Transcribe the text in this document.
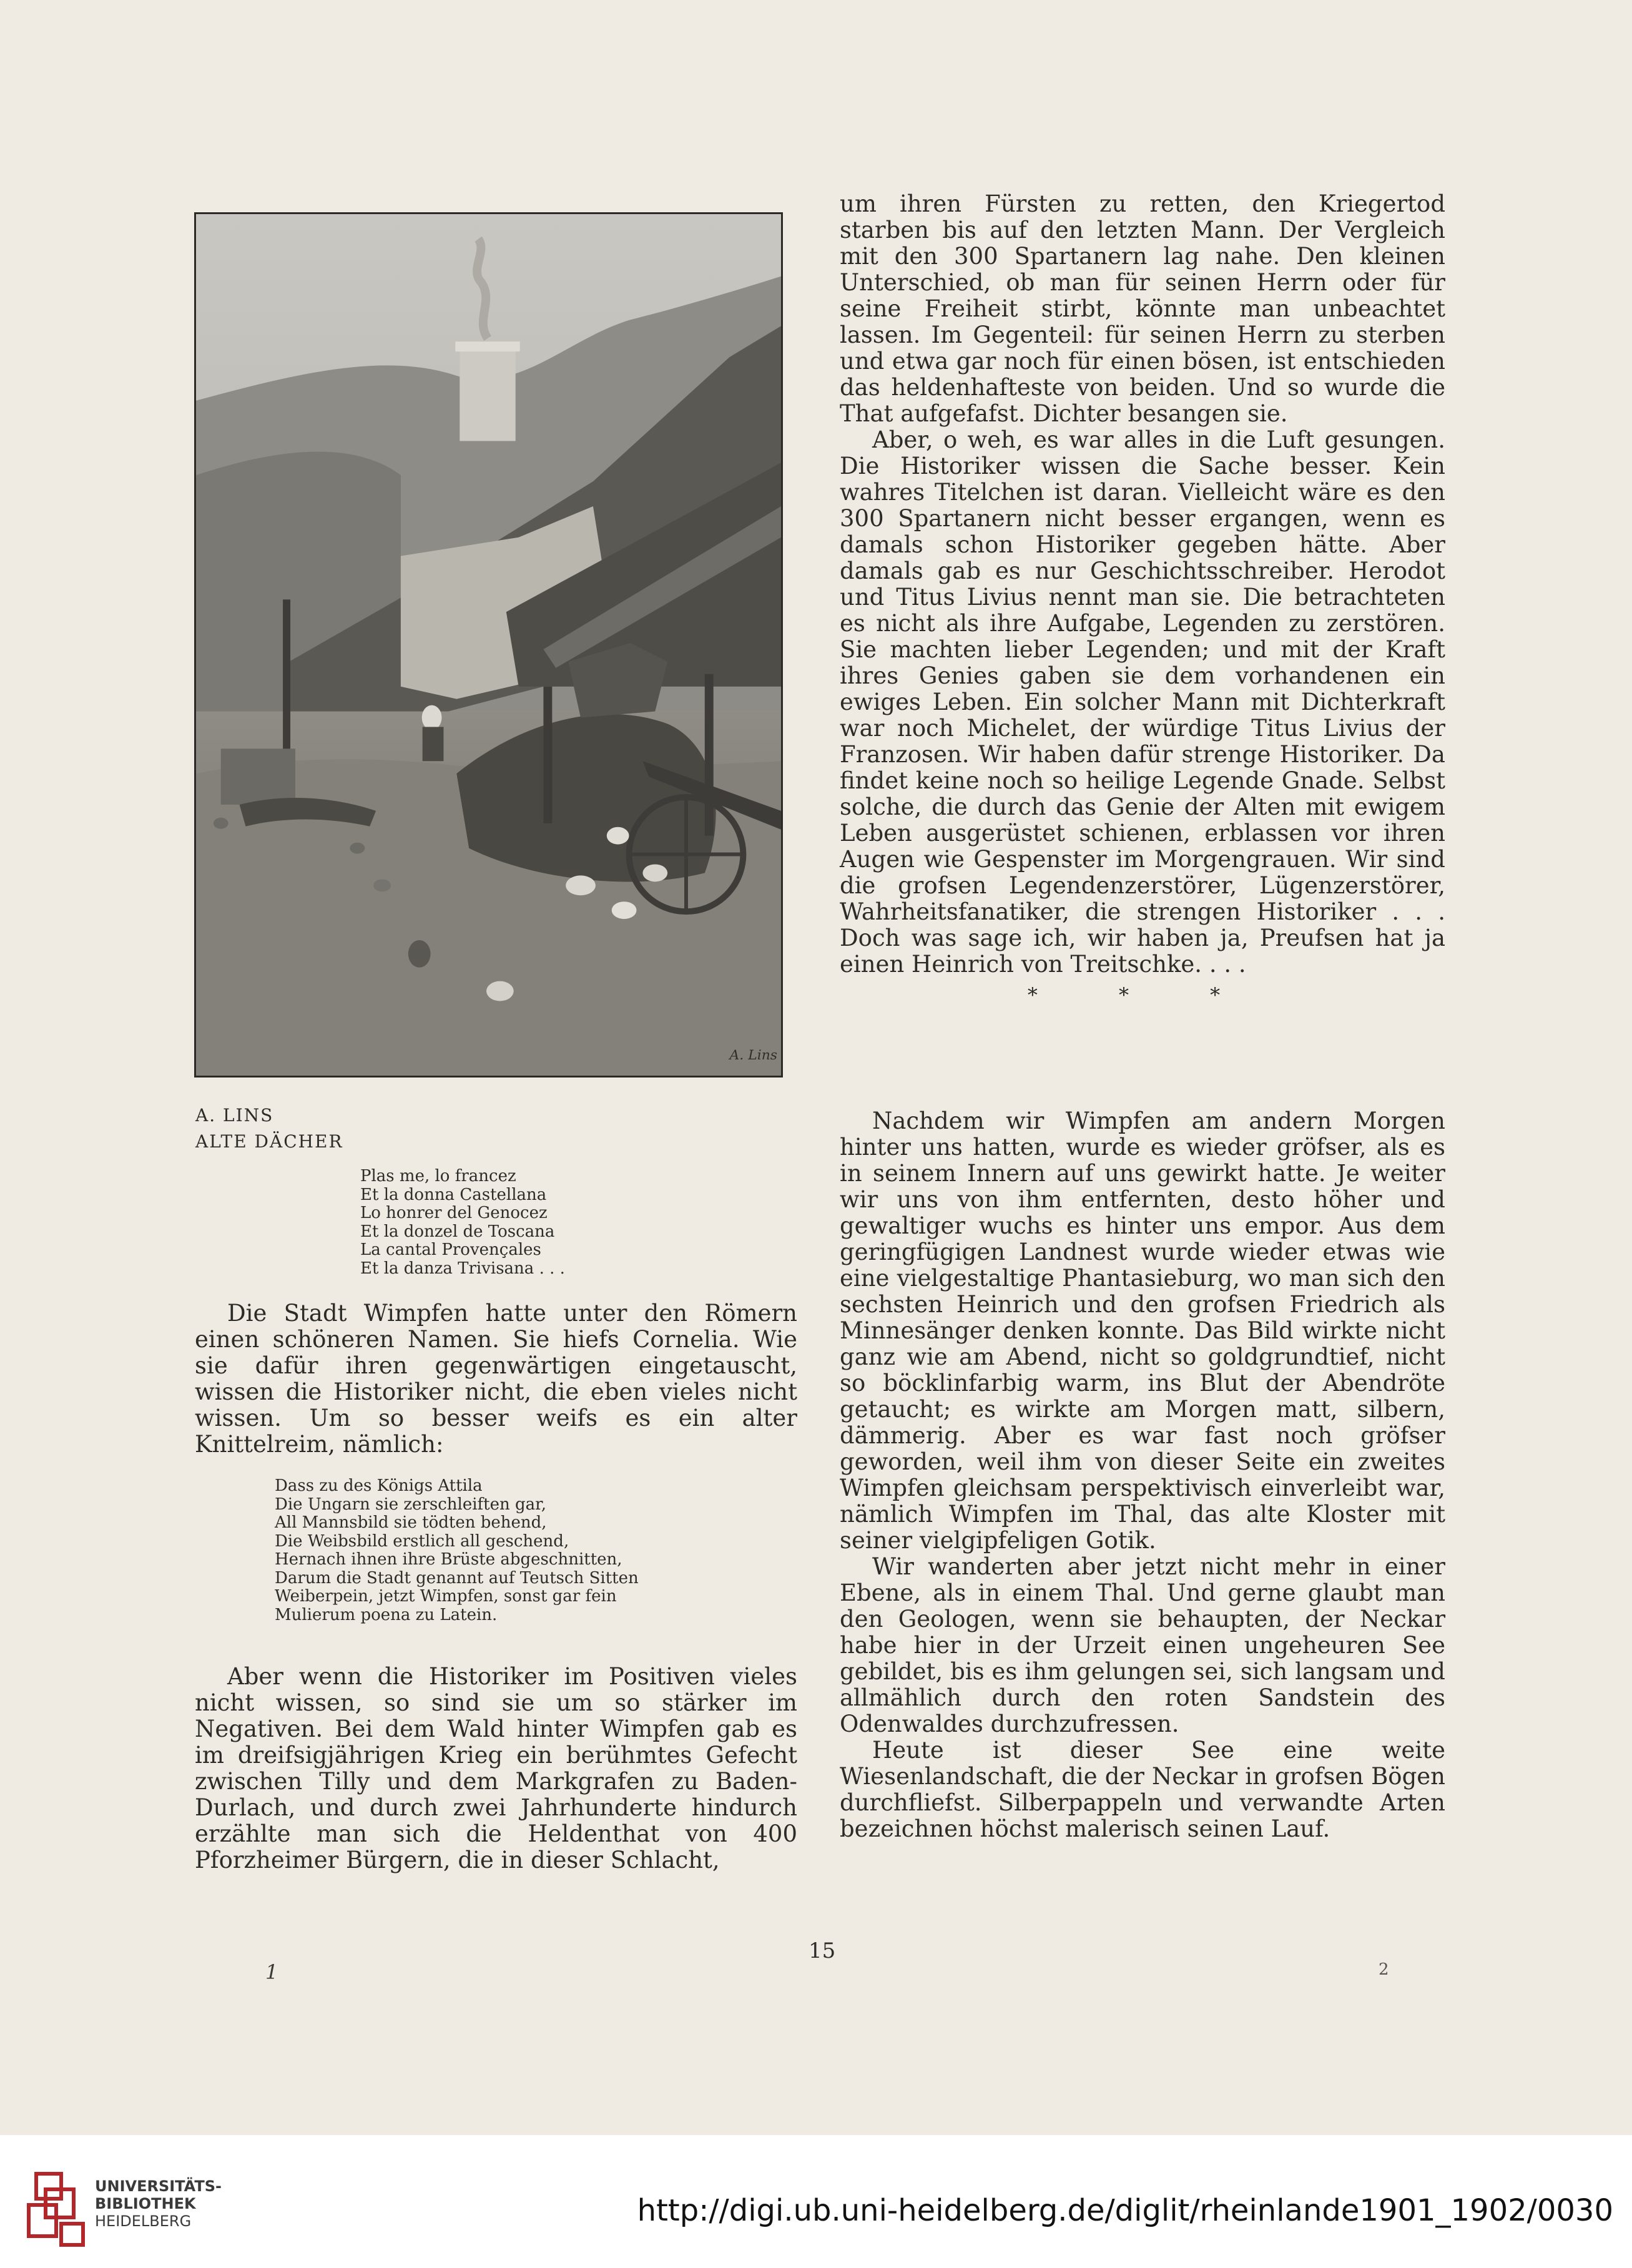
A. Lins
A. LINS
ALTE DÄCHER
Plas me, lo francez
Et la donna Castellana
Lo honrer del Genocez
Et la donzel de Toscana
La cantal Provençales
Et la danza Trivisana . . .

Die Stadt Wimpfen hatte unter den Römern einen schöneren Namen. Sie hiefs Cornelia. Wie sie dafür ihren gegenwärtigen eingetauscht, wissen die Historiker nicht, die eben vieles nicht wissen. Um so besser weifs es ein alter Knittelreim, nämlich:

Dass zu des Königs Attila
Die Ungarn sie zerschleiften gar,
All Mannsbild sie tödten behend,
Die Weibsbild erstlich all geschend,
Hernach ihnen ihre Brüste abgeschnitten,
Darum die Stadt genannt auf Teutsch Sitten
Weiberpein, jetzt Wimpfen, sonst gar fein
Mulierum poena zu Latein.

Aber wenn die Historiker im Positiven vieles nicht wissen, so sind sie um so stärker im Negativen. Bei dem Wald hinter Wimpfen gab es im dreifsigjährigen Krieg ein berühmtes Gefecht zwischen Tilly und dem Markgrafen zu Baden-Durlach, und durch zwei Jahrhunderte hindurch erzählte man sich die Heldenthat von 400 Pforzheimer Bürgern, die in dieser Schlacht,

um ihren Fürsten zu retten, den Kriegertod starben bis auf den letzten Mann. Der Vergleich mit den 300 Spartanern lag nahe. Den kleinen Unterschied, ob man für seinen Herrn oder für seine Freiheit stirbt, könnte man unbeachtet lassen. Im Gegenteil: für seinen Herrn zu sterben und etwa gar noch für einen bösen, ist entschieden das heldenhafteste von beiden. Und so wurde die That aufgefafst. Dichter besangen sie.

Aber, o weh, es war alles in die Luft gesungen. Die Historiker wissen die Sache besser. Kein wahres Titelchen ist daran. Vielleicht wäre es den 300 Spartanern nicht besser ergangen, wenn es damals schon Historiker gegeben hätte. Aber damals gab es nur Geschichtsschreiber. Herodot und Titus Livius nennt man sie. Die betrachteten es nicht als ihre Aufgabe, Legenden zu zerstören. Sie machten lieber Legenden; und mit der Kraft ihres Genies gaben sie dem vorhandenen ein ewiges Leben. Ein solcher Mann mit Dichterkraft war noch Michelet, der würdige Titus Livius der Franzosen. Wir haben dafür strenge Historiker. Da findet keine noch so heilige Legende Gnade. Selbst solche, die durch das Genie der Alten mit ewigem Leben ausgerüstet schienen, erblassen vor ihren Augen wie Gespenster im Morgengrauen. Wir sind die grofsen Legendenzerstörer, Lügenzerstörer, Wahrheitsfanatiker, die strengen Historiker . . . Doch was sage ich, wir haben ja, Preufsen hat ja einen Heinrich von Treitschke. . . .

* * *

Nachdem wir Wimpfen am andern Morgen hinter uns hatten, wurde es wieder gröfser, als es in seinem Innern auf uns gewirkt hatte. Je weiter wir uns von ihm entfernten, desto höher und gewaltiger wuchs es hinter uns empor. Aus dem geringfügigen Landnest wurde wieder etwas wie eine vielgestaltige Phantasieburg, wo man sich den sechsten Heinrich und den grofsen Friedrich als Minnesänger denken konnte. Das Bild wirkte nicht ganz wie am Abend, nicht so goldgrundtief, nicht so böcklinfarbig warm, ins Blut der Abendröte getaucht; es wirkte am Morgen matt, silbern, dämmerig. Aber es war fast noch gröfser geworden, weil ihm von dieser Seite ein zweites Wimpfen gleichsam perspektivisch einverleibt war, nämlich Wimpfen im Thal, das alte Kloster mit seiner vielgipfeligen Gotik.

Wir wanderten aber jetzt nicht mehr in einer Ebene, als in einem Thal. Und gerne glaubt man den Geologen, wenn sie behaupten, der Neckar habe hier in der Urzeit einen ungeheuren See gebildet, bis es ihm gelungen sei, sich langsam und allmählich durch den roten Sandstein des Odenwaldes durchzufressen.

Heute ist dieser See eine weite Wiesenlandschaft, die der Neckar in grofsen Bögen durchfliefst. Silberpappeln und verwandte Arten bezeichnen höchst malerisch seinen Lauf.

15
1	2
UNIVERSITÄTS-
BIBLIOTHEK
HEIDELBERG	http://digi.ub.uni-heidelberg.de/diglit/rheinlande1901_1902/0030
